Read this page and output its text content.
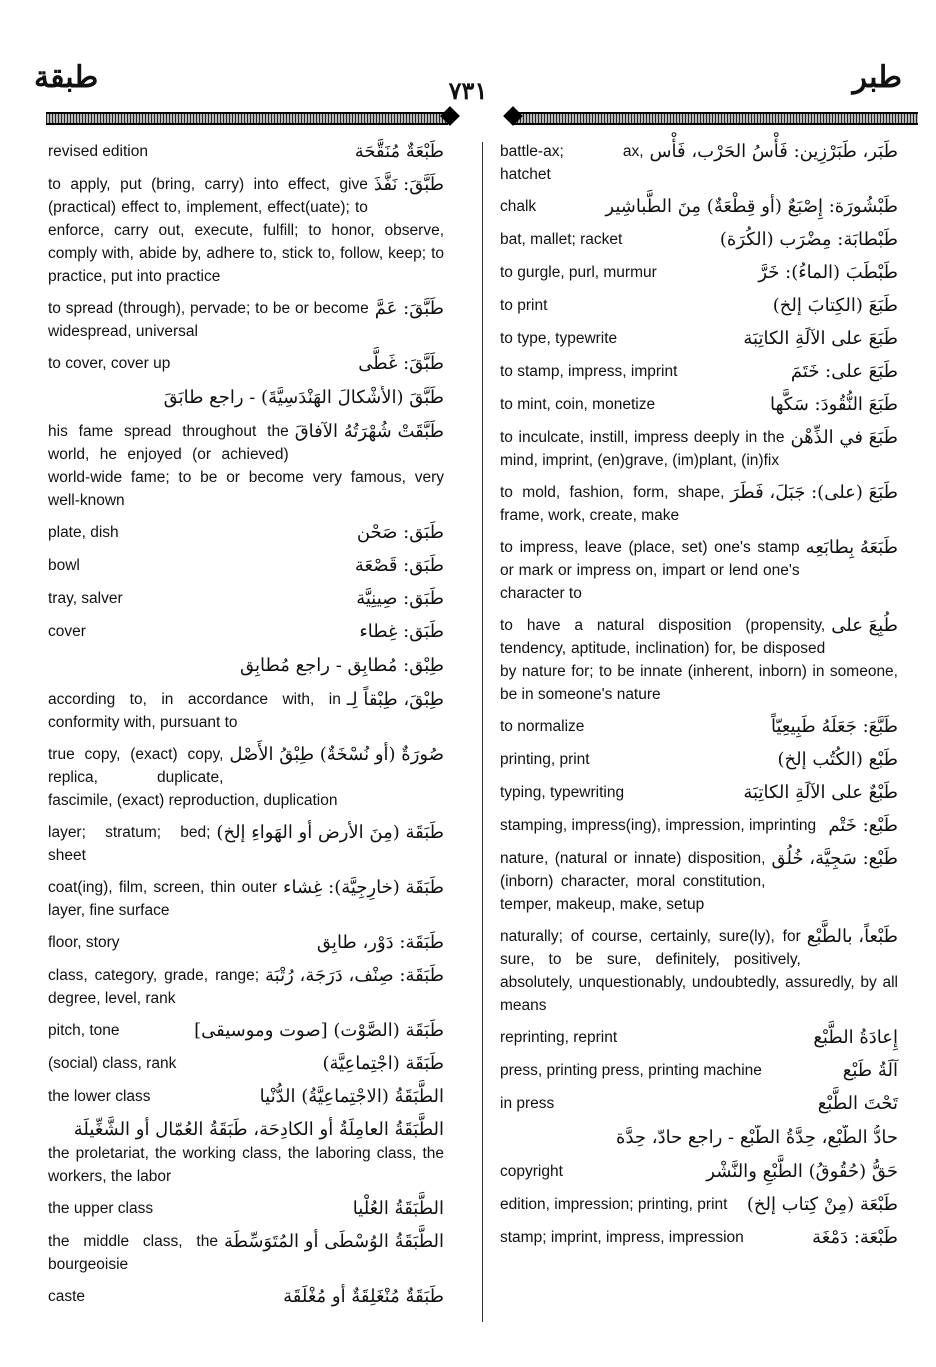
طبقة	٧٣١	طبر
طَبْعَةٌ مُنَقَّحَة
revised edition
طَبَّقَ: نَفَّذَ
to apply, put (bring, carry) into effect, give (practical) effect to, implement, effect(uate); to enforce, carry out, execute, fulfill; to honor, observe, comply with, abide by, adhere to, stick to, follow, keep; to practice, put into practice
طَبَّقَ: عَمَّ
to spread (through), pervade; to be or become widespread, universal
طَبَّقَ: غَطَّى
to cover, cover up
طَبَّقَ (الأَشْكالَ الهَنْدَسِيَّةَ) - راجع طابَقَ
طَبَّقَتْ شُهْرَتُهُ الآفاقَ
his fame spread throughout the world, he enjoyed (or achieved) world-wide fame; to be or become very famous, very well-known
طَبَق: صَحْن
plate, dish
طَبَق: قَصْعَة
bowl
طَبَق: صِينِيَّة
tray, salver
طَبَق: غِطاء
cover
طِبْق: مُطابِق - راجع مُطابِق
طِبْقَ، طِبْقاً لِـ
according to, in accordance with, in conformity with, pursuant to
صُورَةٌ (أو نُسْخَةٌ) طِبْقُ الأَصْل
true copy, (exact) copy, replica, duplicate, fascimile, (exact) reproduction, duplication
طَبَقَة (مِنَ الأرض أو الهَواءِ إلخ)
layer; stratum; bed; sheet
طَبَقَة (خارِجِيَّة): غِشاء
coat(ing), film, screen, thin outer layer, fine surface
طَبَقَة: دَوْر، طابِق
floor, story
طَبَقَة: صِنْف، دَرَجَة، رُتْبَة
class, category, grade, range; degree, level, rank
طَبَقَة (الصَّوْت) [صوت وموسيقى]
pitch, tone
طَبَقَة (اجْتِماعِيَّة)
(social) class, rank
الطَّبَقَةُ (الاجْتِماعِيَّةُ) الدُّنْيا
the lower class
الطَّبَقَةُ العامِلَةُ أو الكادِحَة، طَبَقَةُ العُمّال أو الشَّغِّيلَة
the proletariat, the working class, the laboring class, the workers, the labor
الطَّبَقَةُ العُلْيا
the upper class
الطَّبَقَةُ الوُسْطَى أو المُتَوَسِّطَة
the middle class, the bourgeoisie
طَبَقَةٌ مُنْغَلِقَةٌ أو مُغْلَقَة
caste
طَبَر، طَبَرْزِين: فَأْسُ الحَرْب، فَأْس
battle-ax; ax, hatchet
طَبْشُورَة: إِصْبَعٌ (أو قِطْعَةٌ) مِنَ الطَّباشِير
chalk
طَبْطابَة: مِضْرَب (الكُرَة)
bat, mallet; racket
طَبْطَبَ (الماءُ): خَرَّ
to gurgle, purl, murmur
طَبَعَ (الكِتابَ إلخ)
to print
طَبَعَ على الآلَةِ الكاتِبَة
to type, typewrite
طَبَعَ على: خَتَمَ
to stamp, impress, imprint
طَبَعَ النُّقُودَ: سَكَّها
to mint, coin, monetize
طَبَعَ في الذِّهْن
to inculcate, instill, impress deeply in the mind, imprint, (en)grave, (im)plant, (in)fix
طَبَعَ (على): جَبَلَ، فَطَرَ
to mold, fashion, form, shape, frame, work, create, make
طَبَعَهُ بِطابَعِه
to impress, leave (place, set) one's stamp or mark or impress on, impart or lend one's character to
طُبِعَ على
to have a natural disposition (propensity, tendency, aptitude, inclination) for, be disposed by nature for; to be innate (inherent, inborn) in someone, be in someone's nature
طَبَّعَ: جَعَلَهُ طَبِيعِيّاً
to normalize
طَبْع (الكُتُب إلخ)
printing, print
طَبْعٌ على الآلَةِ الكاتِبَة
typing, typewriting
طَبْع: خَتْم
stamping, impress(ing), impression, imprinting
طَبْع: سَجِيَّة، خُلُق
nature, (natural or innate) disposition, (inborn) character, moral constitution, temper, makeup, make, setup
طَبْعاً، بالطَّبْع
naturally; of course, certainly, sure(ly), for sure, to be sure, definitely, positively, absolutely, unquestionably, undoubtedly, assuredly, by all means
إِعادَةُ الطَّبْع
reprinting, reprint
آلَةُ طَبْع
press, printing press, printing machine
تَحْتَ الطَّبْع
in press
حادُّ الطَّبْع، حِدَّةُ الطَّبْع - راجع حادّ، حِدَّة
حَقُّ (حُقُوقُ) الطَّبْعِ والنَّشْر
copyright
طَبْعَة (مِنْ كِتاب إلخ)
edition, impression; printing, print
طَبْعَة: دَمْغَة
stamp; imprint, impress, impression
